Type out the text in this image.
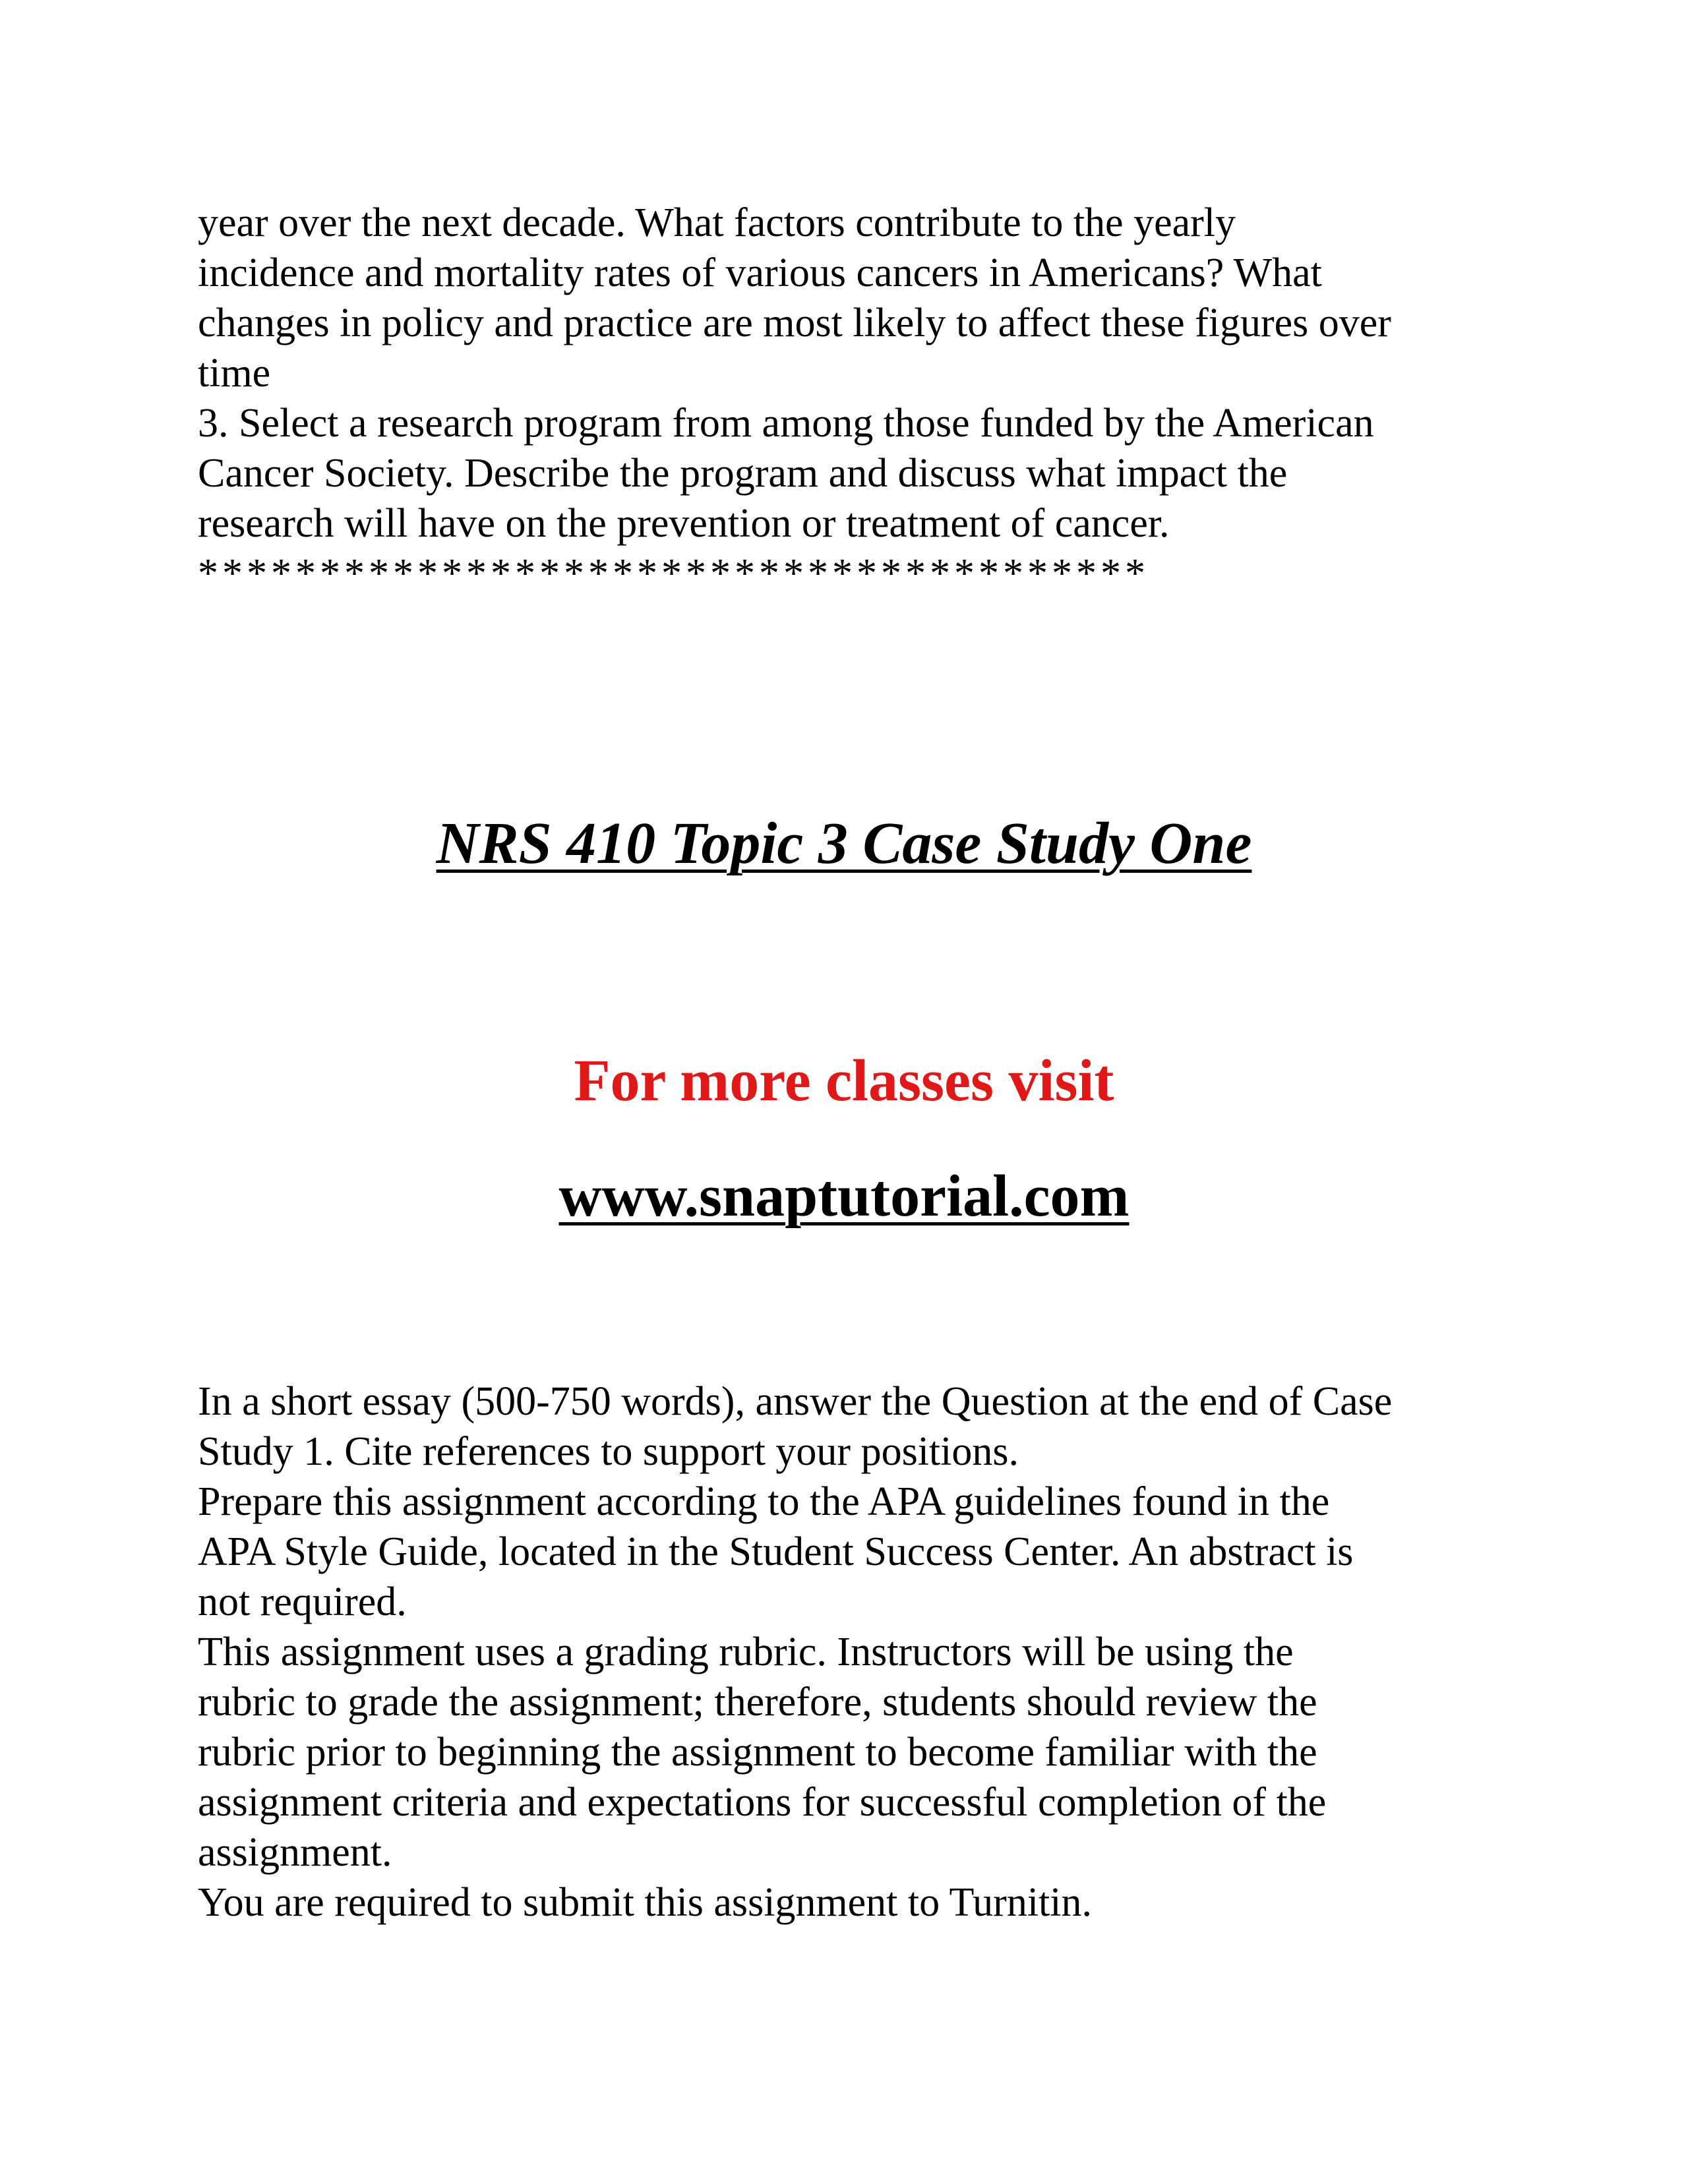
year over the next decade. What factors contribute to the yearly
incidence and mortality rates of various cancers in Americans? What
changes in policy and practice are most likely to affect these figures over
time
3. Select a research program from among those funded by the American
Cancer Society. Describe the program and discuss what impact the
research will have on the prevention or treatment of cancer.
***************************************
NRS 410 Topic 3 Case Study One

For more classes visit

www.snaptutorial.com

In a short essay (500-750 words), answer the Question at the end of Case
Study 1. Cite references to support your positions.
Prepare this assignment according to the APA guidelines found in the
APA Style Guide, located in the Student Success Center. An abstract is
not required.
This assignment uses a grading rubric. Instructors will be using the
rubric to grade the assignment; therefore, students should review the
rubric prior to beginning the assignment to become familiar with the
assignment criteria and expectations for successful completion of the
assignment.
You are required to submit this assignment to Turnitin.
